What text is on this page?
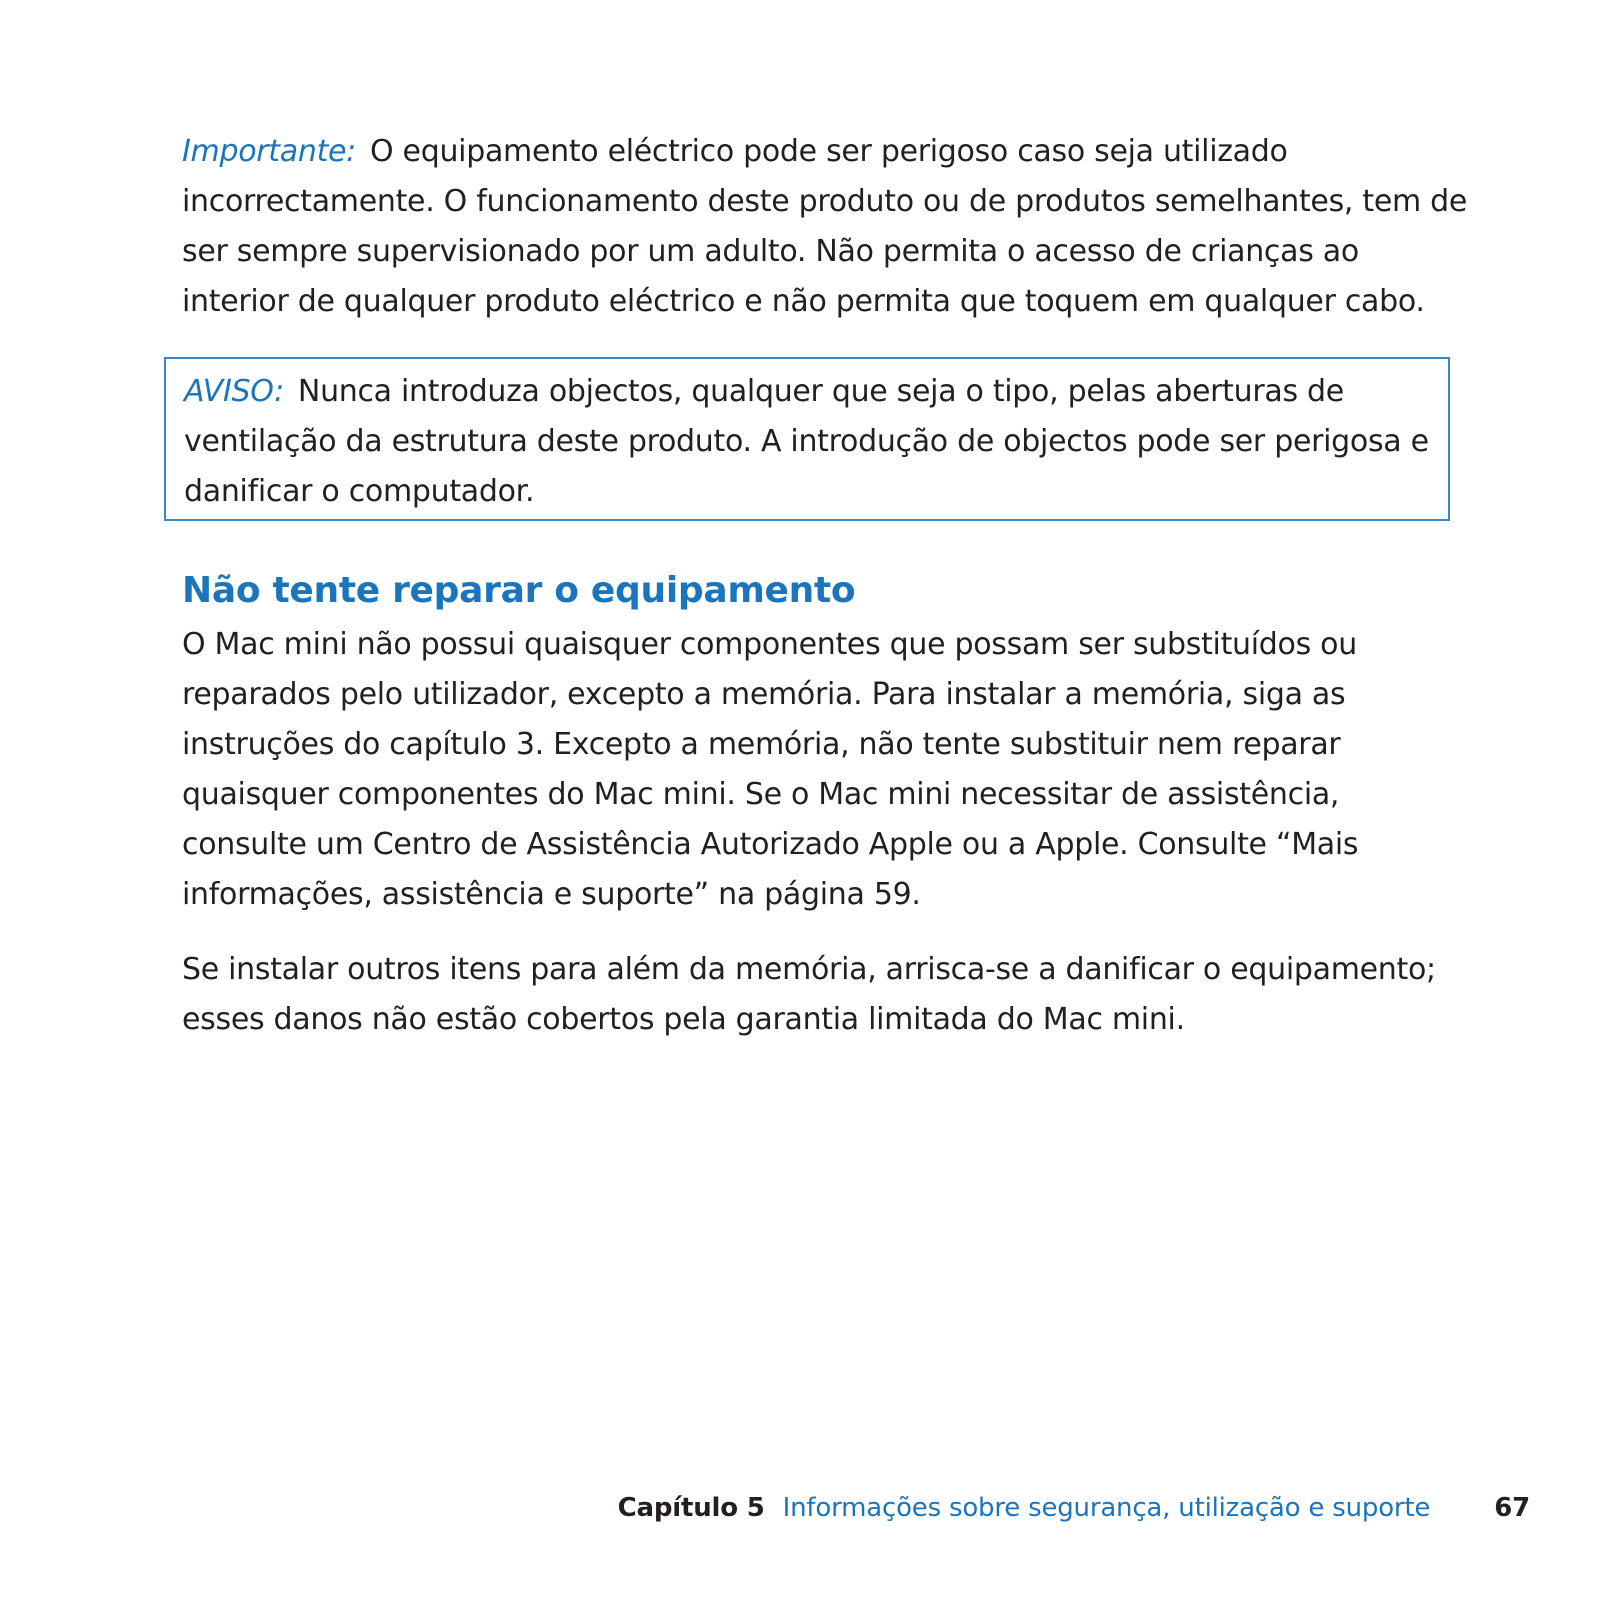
Importante: O equipamento eléctrico pode ser perigoso caso seja utilizado incorrectamente. O funcionamento deste produto ou de produtos semelhantes, tem de ser sempre supervisionado por um adulto. Não permita o acesso de crianças ao interior de qualquer produto eléctrico e não permita que toquem em qualquer cabo.

AVISO: Nunca introduza objectos, qualquer que seja o tipo, pelas aberturas de ventilação da estrutura deste produto. A introdução de objectos pode ser perigosa e danificar o computador.

Não tente reparar o equipamento

O Mac mini não possui quaisquer componentes que possam ser substituídos ou reparados pelo utilizador, excepto a memória. Para instalar a memória, siga as instruções do capítulo 3. Excepto a memória, não tente substituir nem reparar quaisquer componentes do Mac mini. Se o Mac mini necessitar de assistência, consulte um Centro de Assistência Autorizado Apple ou a Apple. Consulte “Mais informações, assistência e suporte” na página 59.

Se instalar outros itens para além da memória, arrisca-se a danificar o equipamento; esses danos não estão cobertos pela garantia limitada do Mac mini.

Capítulo 5 Informações sobre segurança, utilização e suporte 67
